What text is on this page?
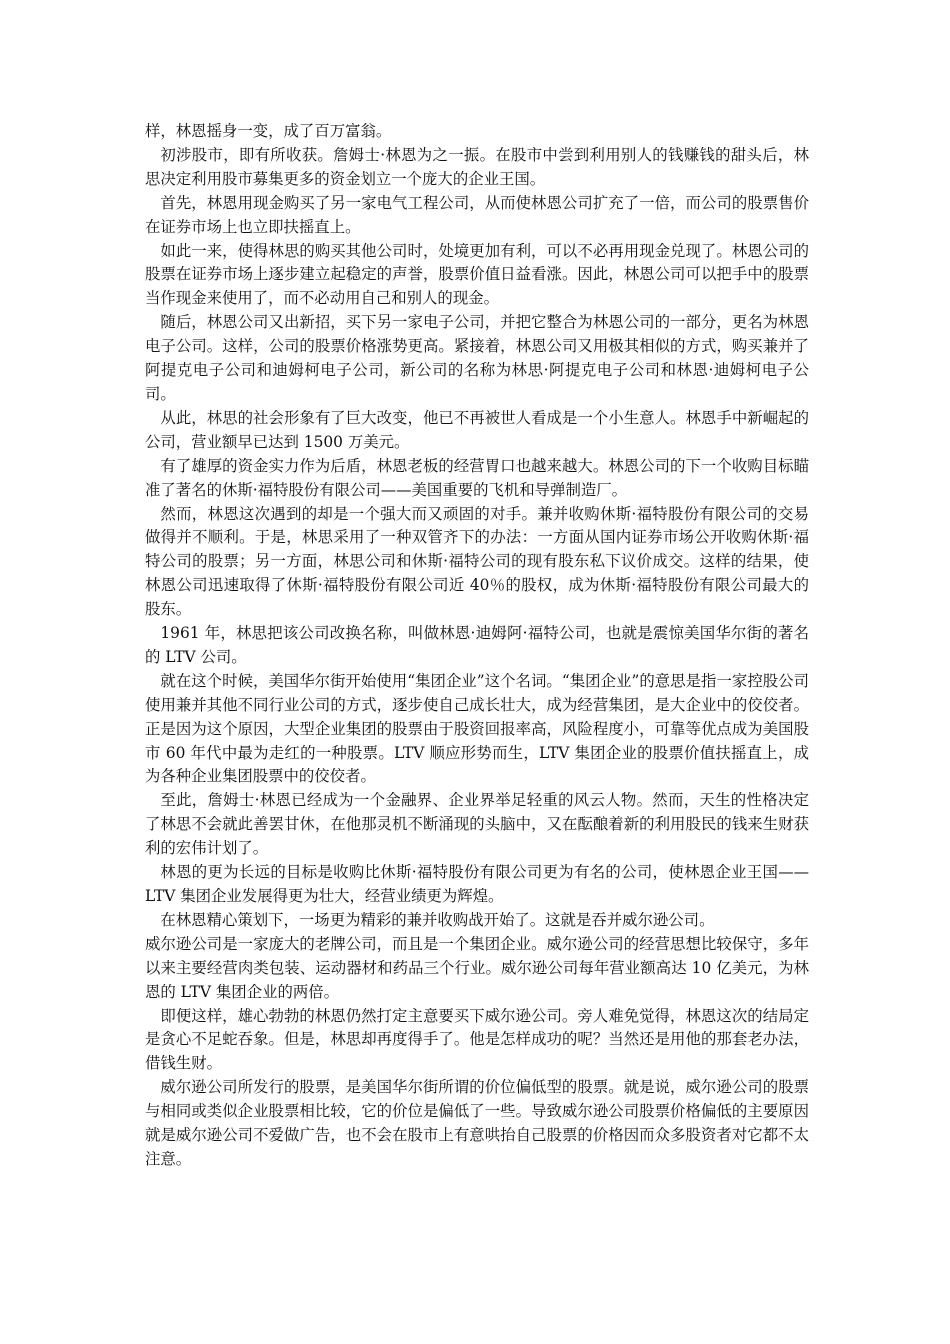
样，林恩摇身一变，成了百万富翁。

初涉股市，即有所收获。詹姆士·林恩为之一振。在股市中尝到利用别人的钱赚钱的甜头后，林思决定利用股市募集更多的资金划立一个庞大的企业王国。

首先，林恩用现金购买了另一家电气工程公司，从而使林恩公司扩充了一倍，而公司的股票售价在证券市场上也立即扶摇直上。

如此一来，使得林思的购买其他公司时，处境更加有利，可以不必再用现金兑现了。林恩公司的股票在证券市场上逐步建立起稳定的声誉，股票价值日益看涨。因此，林恩公司可以把手中的股票当作现金来使用了，而不必动用自己和别人的现金。

随后，林恩公司又出新招，买下另一家电子公司，并把它整合为林恩公司的一部分，更名为林恩电子公司。这样，公司的股票价格涨势更高。紧接着，林恩公司又用极其相似的方式，购买兼并了阿提克电子公司和迪姆柯电子公司，新公司的名称为林思·阿提克电子公司和林恩·迪姆柯电子公司。

从此，林思的社会形象有了巨大改变，他已不再被世人看成是一个小生意人。林恩手中新崛起的公司，营业额早已达到 1500 万美元。

有了雄厚的资金实力作为后盾，林恩老板的经营胃口也越来越大。林恩公司的下一个收购目标瞄准了著名的休斯·福特股份有限公司——美国重要的飞机和导弹制造厂。

然而，林恩这次遇到的却是一个强大而又顽固的对手。兼并收购休斯·福特股份有限公司的交易做得并不顺利。于是，林思采用了一种双管齐下的办法：一方面从国内证券市场公开收购休斯·福特公司的股票；另一方面，林思公司和休斯·福特公司的现有股东私下议价成交。这样的结果，使林恩公司迅速取得了休斯·福特股份有限公司近 40％的股权，成为休斯·福特股份有限公司最大的股东。

1961 年，林思把该公司改换名称，叫做林恩·迪姆阿·福特公司，也就是震惊美国华尔街的著名的 LTV 公司。

就在这个时候，美国华尔街开始使用“集团企业”这个名词。“集团企业”的意思是指一家控股公司使用兼并其他不同行业公司的方式，逐步使自己成长壮大，成为经营集团，是大企业中的佼佼者。正是因为这个原因，大型企业集团的股票由于股资回报率高，风险程度小，可靠等优点成为美国股市 60 年代中最为走红的一种股票。LTV 顺应形势而生，LTV 集团企业的股票价值扶摇直上，成为各种企业集团股票中的佼佼者。

至此，詹姆士·林恩已经成为一个金融界、企业界举足轻重的风云人物。然而，天生的性格决定了林思不会就此善罢甘休，在他那灵机不断涌现的头脑中，又在酝酿着新的利用股民的钱来生财获利的宏伟计划了。

林恩的更为长远的目标是收购比休斯·福特股份有限公司更为有名的公司，使林恩企业王国——LTV 集团企业发展得更为壮大，经营业绩更为辉煌。

在林恩精心策划下，一场更为精彩的兼并收购战开始了。这就是吞并威尔逊公司。

威尔逊公司是一家庞大的老牌公司，而且是一个集团企业。威尔逊公司的经营思想比较保守，多年以来主要经营肉类包装、运动器材和药品三个行业。威尔逊公司每年营业额高达 10 亿美元，为林恩的 LTV 集团企业的两倍。

即便这样，雄心勃勃的林恩仍然打定主意要买下威尔逊公司。旁人难免觉得，林恩这次的结局定是贪心不足蛇吞象。但是，林思却再度得手了。他是怎样成功的呢？当然还是用他的那套老办法，借钱生财。

威尔逊公司所发行的股票，是美国华尔街所谓的价位偏低型的股票。就是说，威尔逊公司的股票与相同或类似企业股票相比较，它的价位是偏低了一些。导致威尔逊公司股票价格偏低的主要原因就是威尔逊公司不爱做广告，也不会在股市上有意哄抬自己股票的价格因而众多股资者对它都不太注意。
